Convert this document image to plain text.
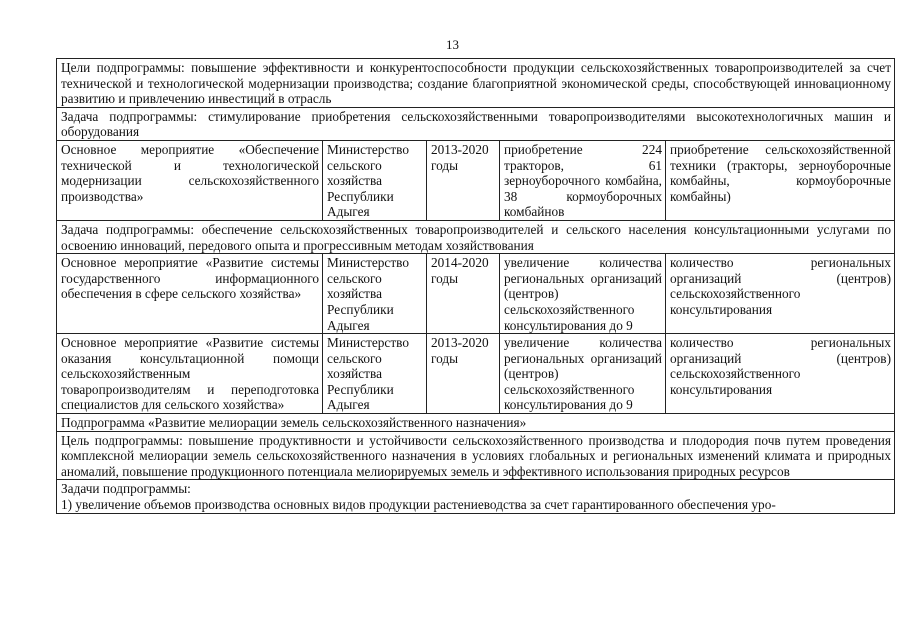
13
Цели подпрограммы: повышение эффективности и конкурентоспособности продукции сельскохозяйственных товаропроизводителей за счет технической и технологической модернизации производства; создание благоприятной экономической среды, способствующей инновационному развитию и привлечению инвестиций в отрасль				
Задача подпрограммы: стимулирование приобретения сельскохозяйственными товаропроизводителями высокотехнологичных машин и оборудования				
Основное мероприятие «Обеспечение технической и технологической модернизации сельскохозяйственного производства»	Министерство сельского хозяйства Республики Адыгея	2013-2020 годы	приобретение 224 тракторов, 61 зерноуборочного комбайна, 38 кормоуборочных комбайнов	приобретение сельскохозяйственной техники (тракторы, зерноуборочные комбайны, кормоуборочные комбайны)
Задача подпрограммы: обеспечение сельскохозяйственных товаропроизводителей и сельского населения консультационными услугами по освоению инноваций, передового опыта и прогрессивным методам хозяйствования				
Основное мероприятие «Развитие системы государственного информационного обеспечения в сфере сельского хозяйства»	Министерство сельского хозяйства Республики Адыгея	2014-2020 годы	увеличение количества региональных организаций (центров) сельскохозяйственного консультирования до 9	количество региональных организаций (центров) сельскохозяйственного консультирования
Основное мероприятие «Развитие системы оказания консультационной помощи сельскохозяйственным товаропроизводителям и переподготовка специалистов для сельского хозяйства»	Министерство сельского хозяйства Республики Адыгея	2013-2020 годы	увеличение количества региональных организаций (центров) сельскохозяйственного консультирования до 9	количество региональных организаций (центров) сельскохозяйственного консультирования
Подпрограмма «Развитие мелиорации земель сельскохозяйственного назначения»				
Цель подпрограммы: повышение продуктивности и устойчивости сельскохозяйственного производства и плодородия почв путем проведения комплексной мелиорации земель сельскохозяйственного назначения в условиях глобальных и региональных изменений климата и природных аномалий, повышение продукционного потенциала мелиорируемых земель и эффективного использования природных ресурсов				

Задачи подпрограммы:
1) увеличение объемов производства основных видов продукции растениеводства за счет гарантированного обеспечения уро-				
